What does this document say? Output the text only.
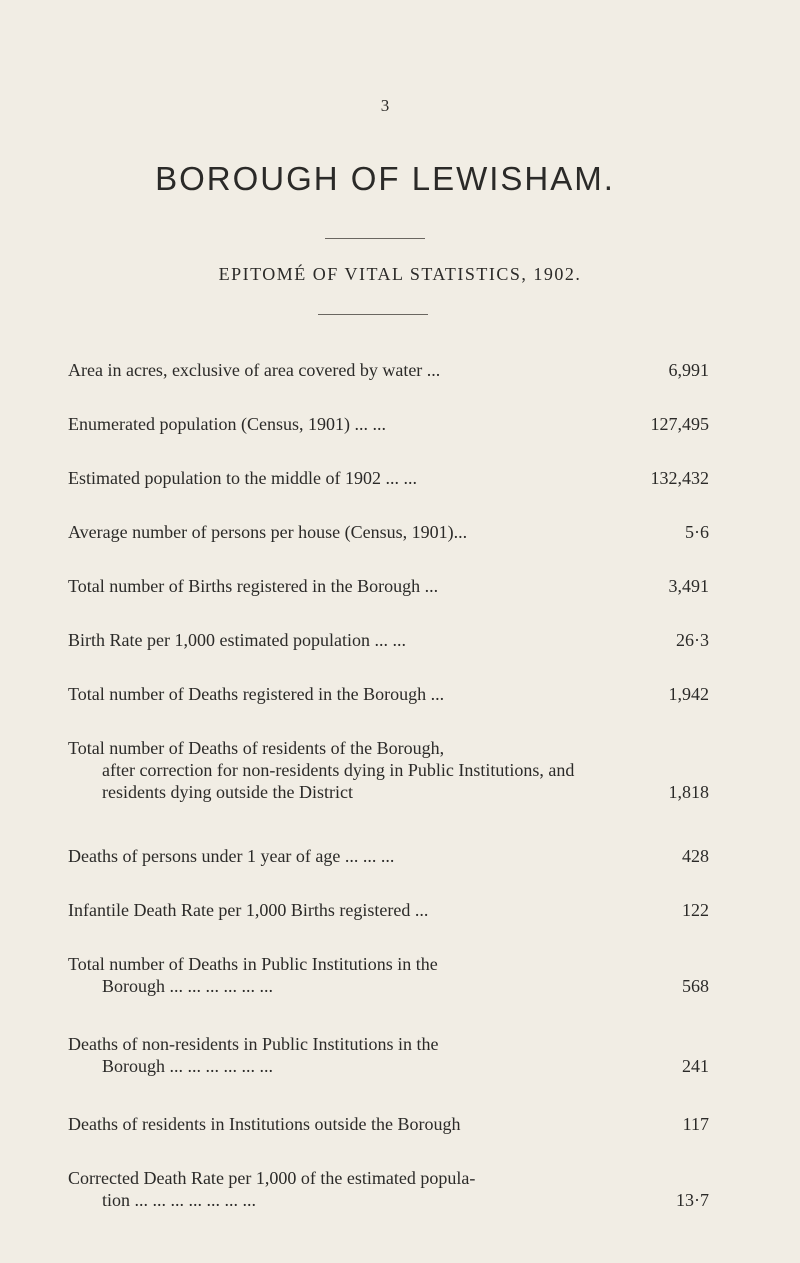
3
BOROUGH OF LEWISHAM.
EPITOMÉ OF VITAL STATISTICS, 1902.
Area in acres, exclusive of area covered by water ...	6,991
Enumerated population (Census, 1901) ... ...	127,495
Estimated population to the middle of 1902 ... ...	132,432
Average number of persons per house (Census, 1901)...	5·6
Total number of Births registered in the Borough ...	3,491
Birth Rate per 1,000 estimated population ... ...	26·3
Total number of Deaths registered in the Borough ...	1,942
Total number of Deaths of residents of the Borough,
after correction for non-residents dying in Public Institutions, and residents dying outside the District	1,818
Deaths of persons under 1 year of age ... ... ...	428
Infantile Death Rate per 1,000 Births registered ...	122
Total number of Deaths in Public Institutions in the
Borough ... ... ... ... ... ...	568
Deaths of non-residents in Public Institutions in the
Borough ... ... ... ... ... ...	241
Deaths of residents in Institutions outside the Borough	117
Corrected Death Rate per 1,000 of the estimated popula-
tion ... ... ... ... ... ... ...	13·7
